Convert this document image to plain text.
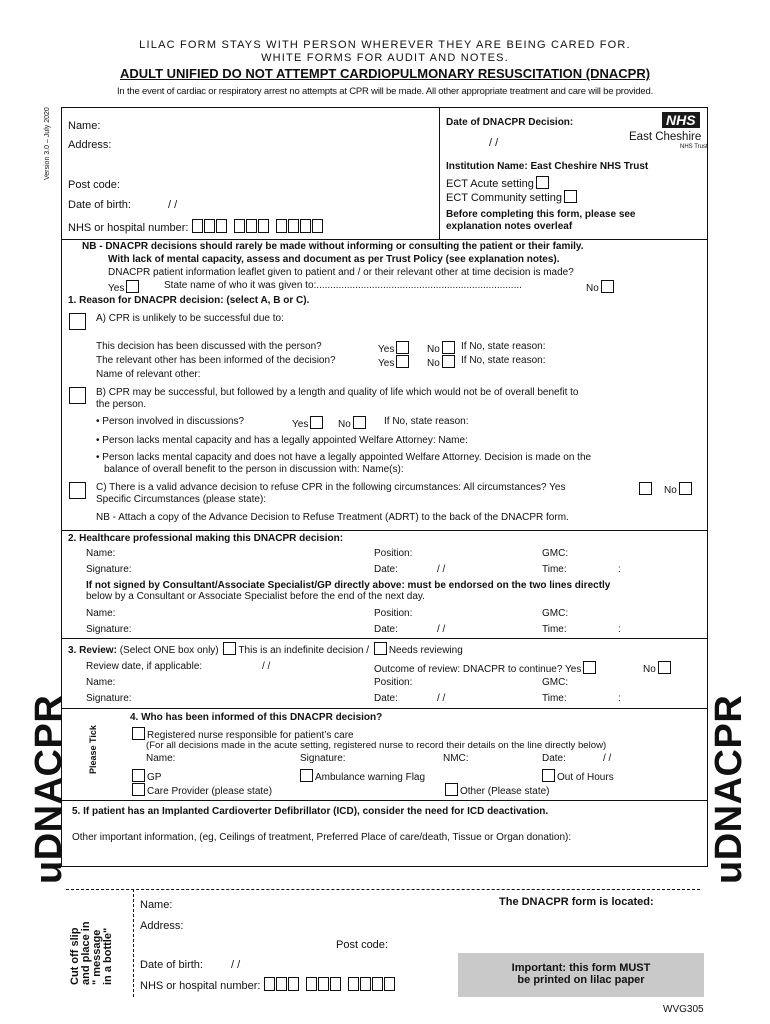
LILAC FORM STAYS WITH PERSON WHEREVER THEY ARE BEING CARED FOR.
WHITE FORMS FOR AUDIT AND NOTES.
ADULT UNIFIED DO NOT ATTEMPT CARDIOPULMONARY RESUSCITATION (DNACPR)
In the event of cardiac or respiratory arrest no attempts at CPR will be made. All other appropriate treatment and care will be provided.
Version 3.0 – July 2020 Name:
Address:
Post code:
Date of birth:	/ /
NHS or hospital number:
Date of DNACPR Decision:
/ /
NHS
East Cheshire
NHS Trust
Institution Name: East Cheshire NHS Trust
ECT Acute setting
ECT Community setting
Before completing this form, please see
explanation notes overleaf
NB - DNACPR decisions should rarely be made without informing or consulting the patient or their family.
With lack of mental capacity, assess and document as per Trust Policy (see explanation notes).
DNACPR patient information leaflet given to patient and / or their relevant other at time decision is made?
Yes	State name of who it was given to:..........................................................................	No
1. Reason for DNACPR decision: (select A, B or C).
A) CPR is unlikely to be successful due to:
This decision has been discussed with the person?	Yes	No	If No, state reason:
The relevant other has been informed of the decision?	Yes	No	If No, state reason:
Name of relevant other:
B) CPR may be successful, but followed by a length and quality of life which would not be of overall benefit to
the person.
• Person involved in discussions?	Yes	No	If No, state reason:
• Person lacks mental capacity and has a legally appointed Welfare Attorney: Name:
• Person lacks mental capacity and does not have a legally appointed Welfare Attorney. Decision is made on the
balance of overall benefit to the person in discussion with: Name(s):
C) There is a valid advance decision to refuse CPR in the following circumstances: All circumstances? Yes	No
Specific Circumstances (please state):
NB - Attach a copy of the Advance Decision to Refuse Treatment (ADRT) to the back of the DNACPR form.
2. Healthcare professional making this DNACPR decision:
Name:	Position:	GMC:
Signature:	Date:	/ /	Time:	:
If not signed by Consultant/Associate Specialist/GP directly above: must be endorsed on the two lines directly
below by a Consultant or Associate Specialist before the end of the next day.
Name:	Position:	GMC:
Signature:	Date:	/ /	Time:	:
3. Review: (Select ONE box only) This is an indefinite decision / Needs reviewing
Review date, if applicable:	/ /	Outcome of review: DNACPR to continue? Yes	No
Name:	Position:	GMC:
Signature:	Date:	/ /	Time:	:
4. Who has been informed of this DNACPR decision?
Please Tick	Registered nurse responsible for patient’s care
(For all decisions made in the acute setting, registered nurse to record their details on the line directly below)
Name:	Signature:	NMC:	Date:	/ /
GP	Ambulance warning Flag	Out of Hours
Care Provider (please state)	Other (Please state)
5. If patient has an Implanted Cardioverter Defibrillator (ICD), consider the need for ICD deactivation.
Other important information, (eg, Ceilings of treatment, Preferred Place of care/death, Tissue or Organ donation):
uDNACPR	uDNACPR
Cut off slip and place in " message in a bottle"
Name:
Address:
Post code:
Date of birth:	/ /
NHS or hospital number:
The DNACPR form is located:
Important: this form MUST
be printed on lilac paper
WVG305
